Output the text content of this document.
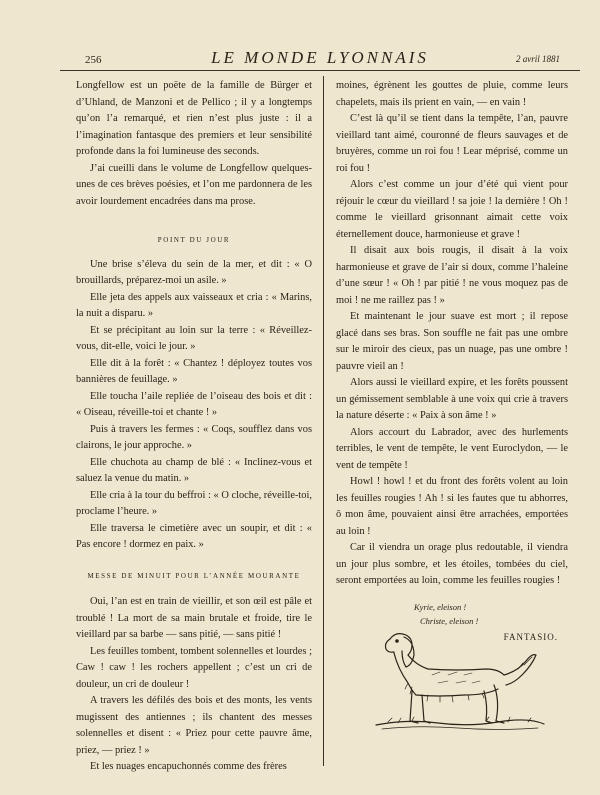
256	LE MONDE LYONNAIS	2 avril 1881

Longfellow est un poëte de la famille de Bürger et d’Uhland, de Manzoni et de Pellico ; il y a longtemps qu’on l’a remarqué, et rien n’est plus juste : il a l’imagination fantasque des premiers et leur sensibilité profonde dans la foi lumineuse des seconds.

J’ai cueilli dans le volume de Longfellow quelques-unes de ces brèves poésies, et l’on me pardonnera de les avoir lourdement encadrées dans ma prose.

POINT DU JOUR

Une brise s’éleva du sein de la mer, et dit : « O brouillards, préparez-moi un asile. »

Elle jeta des appels aux vaisseaux et cria : « Marins, la nuit a disparu. »

Et se précipitant au loin sur la terre : « Réveillez-vous, dit-elle, voici le jour. »

Elle dit à la forêt : « Chantez ! déployez toutes vos bannières de feuillage. »

Elle toucha l’aile repliée de l’oiseau des bois et dit : « Oiseau, réveille-toi et chante ! »

Puis à travers les fermes : « Coqs, soufflez dans vos clairons, le jour approche. »

Elle chuchota au champ de blé : « Inclinez-vous et saluez la venue du matin. »

Elle cria à la tour du beffroi : « O cloche, réveille-toi, proclame l’heure. »

Elle traversa le cimetière avec un soupir, et dit : « Pas encore ! dormez en paix. »

MESSE DE MINUIT POUR L’ANNÉE MOURANTE

Oui, l’an est en train de vieillir, et son œil est pâle et troublé ! La mort de sa main brutale et froide, tire le vieillard par sa barbe — sans pitié, — sans pitié !

Les feuilles tombent, tombent solennelles et lourdes ; Caw ! caw ! les rochers appellent ; c’est un cri de douleur, un cri de douleur !

A travers les défilés des bois et des monts, les vents mugissent des antiennes ; ils chantent des messes solennelles et disent : « Priez pour cette pauvre âme, priez, — priez ! »

Et les nuages encapuchonnés comme des frères

moines, égrènent les gouttes de pluie, comme leurs chapelets, mais ils prient en vain, — en vain !

C’est là qu’il se tient dans la tempête, l’an, pauvre vieillard tant aimé, couronné de fleurs sauvages et de bruyères, comme un roi fou ! Lear méprisé, comme un roi fou !

Alors c’est comme un jour d’été qui vient pour réjouir le cœur du vieillard ! sa joie ! la dernière ! Oh ! comme le vieillard grisonnant aimait cette voix éternellement douce, harmonieuse et grave !

Il disait aux bois rougis, il disait à la voix harmonieuse et grave de l’air si doux, comme l’haleine d’une sœur ! « Oh ! par pitié ! ne vous moquez pas de moi ! ne me raillez pas ! »

Et maintenant le jour suave est mort ; il repose glacé dans ses bras. Son souffle ne fait pas une ombre sur le miroir des cieux, pas un nuage, pas une ombre ! pauvre vieil an !

Alors aussi le vieillard expire, et les forêts poussent un gémissement semblable à une voix qui crie à travers la nature déserte : « Paix à son âme ! »

Alors accourt du Labrador, avec des hurlements terribles, le vent de tempête, le vent Euroclydon, — le vent de tempête !

Howl ! howl ! et du front des forêts volent au loin les feuilles rougies ! Ah ! si les fautes que tu abhorres, ô mon âme, pouvaient ainsi être arrachées, emportées au loin !

Car il viendra un orage plus redoutable, il viendra un jour plus sombre, et les étoiles, tombées du ciel, seront emportées au loin, comme les feuilles rougies !

Kyrie, eleison !
Christe, eleison !
FANTASIO.
